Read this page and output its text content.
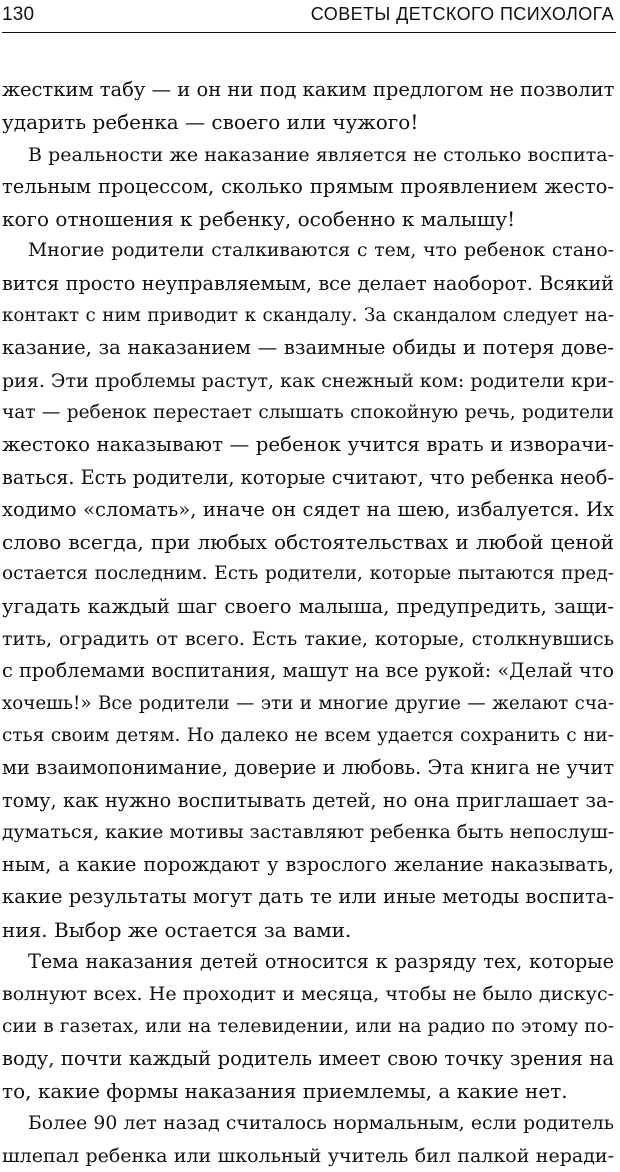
130	СОВЕТЫ ДЕТСКОГО ПСИХОЛОГА
жестким табу — и он ни под каким предлогом не позволит
ударить ребенка — своего или чужого!
В реальности же наказание является не столько воспита-
тельным процессом, сколько прямым проявлением жесто-
кого отношения к ребенку, особенно к малышу!
Многие родители сталкиваются с тем, что ребенок стано-
вится просто неуправляемым, все делает наоборот. Всякий
контакт с ним приводит к скандалу. За скандалом следует на-
казание, за наказанием — взаимные обиды и потеря дове-
рия. Эти проблемы растут, как снежный ком: родители кри-
чат — ребенок перестает слышать спокойную речь, родители
жестоко наказывают — ребенок учится врать и изворачи-
ваться. Есть родители, которые считают, что ребенка необ-
ходимо «сломать», иначе он сядет на шею, избалуется. Их
слово всегда, при любых обстоятельствах и любой ценой
остается последним. Есть родители, которые пытаются пред-
угадать каждый шаг своего малыша, предупредить, защи-
тить, оградить от всего. Есть такие, которые, столкнувшись
с проблемами воспитания, машут на все рукой: «Делай что
хочешь!» Все родители — эти и многие другие — желают сча-
стья своим детям. Но далеко не всем удается сохранить с ни-
ми взаимопонимание, доверие и любовь. Эта книга не учит
тому, как нужно воспитывать детей, но она приглашает за-
думаться, какие мотивы заставляют ребенка быть непослуш-
ным, а какие порождают у взрослого желание наказывать,
какие результаты могут дать те или иные методы воспита-
ния. Выбор же остается за вами.
Тема наказания детей относится к разряду тех, которые
волнуют всех. Не проходит и месяца, чтобы не было дискус-
сии в газетах, или на телевидении, или на радио по этому по-
воду, почти каждый родитель имеет свою точку зрения на
то, какие формы наказания приемлемы, а какие нет.
Более 90 лет назад считалось нормальным, если родитель
шлепал ребенка или школьный учитель бил палкой неради-
